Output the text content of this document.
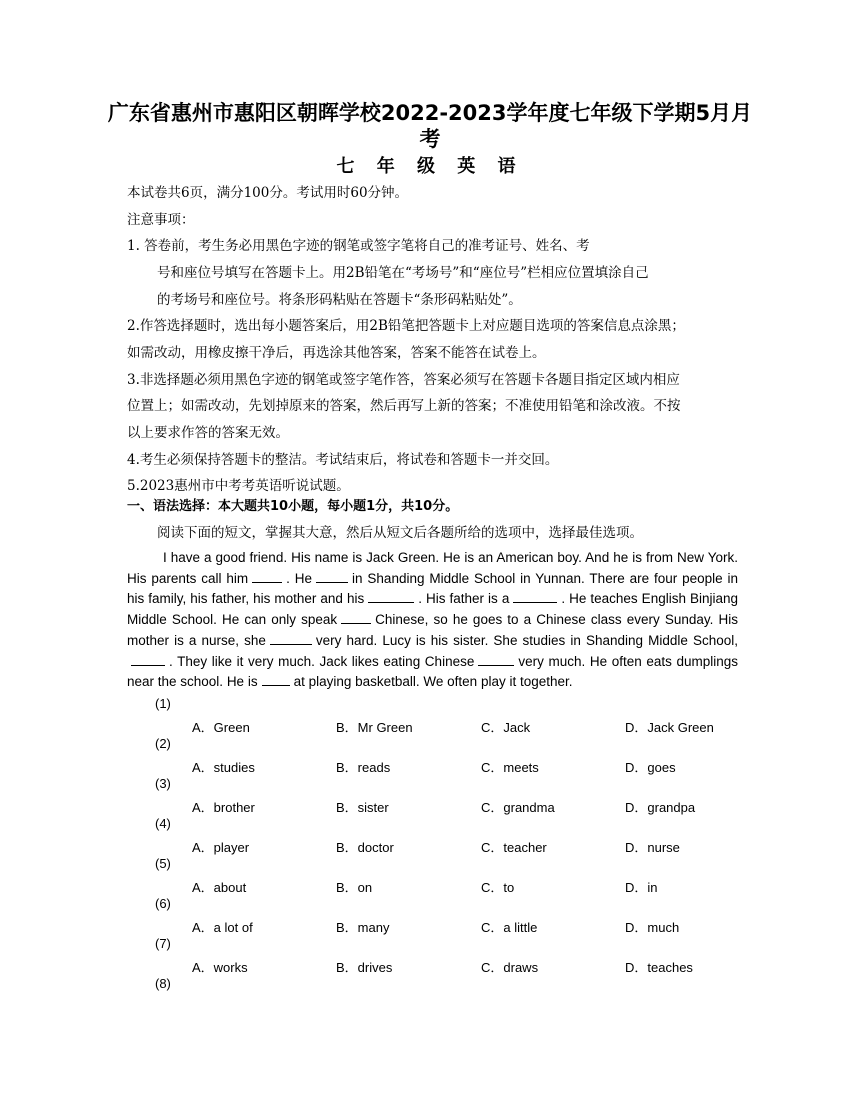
广东省惠州市惠阳区朝晖学校2022-2023学年度七年级下学期5月月
考
七 年 级 英 语
本试卷共6页，满分100分。考试用时60分钟。
注意事项：
1. 答卷前，考生务必用黑色字迹的钢笔或签字笔将自己的准考证号、姓名、考
号和座位号填写在答题卡上。用2B铅笔在“考场号”和“座位号”栏相应位置填涂自己
的考场号和座位号。将条形码粘贴在答题卡“条形码粘贴处”。
2.作答选择题时，选出每小题答案后，用2B铅笔把答题卡上对应题目选项的答案信息点涂黑；
如需改动，用橡皮擦干净后，再选涂其他答案，答案不能答在试卷上。
3.非选择题必须用黑色字迹的钢笔或签字笔作答，答案必须写在答题卡各题目指定区域内相应
位置上；如需改动，先划掉原来的答案，然后再写上新的答案；不准使用铅笔和涂改液。不按
以上要求作答的答案无效。
4.考生必须保持答题卡的整洁。考试结束后，将试卷和答题卡一并交回。
5.2023惠州市中考考英语听说试题。
一、语法选择：本大题共10小题，每小题1分，共10分。
阅读下面的短文，掌握其大意，然后从短文后各题所给的选项中，选择最佳选项。
I have a good friend. His name is Jack Green. He is an American boy. And he is from New York. His parents call him	. He	in Shanding Middle School in Yunnan. There are four people in his family, his father, his mother and his	. His father is a	. He teaches English Binjiang Middle School. He can only speak	Chinese, so he goes to a Chinese class every Sunday. His mother is a nurse, she	very hard. Lucy is his sister. She studies in Shanding Middle School,. They like it very much. Jack likes eating Chinese	very much. He often eats dumplings near the school. He is	at playing basketball. We often play it together.
(1)
A．Green	B．Mr Green	C．Jack	D．Jack Green
(2)
A．studies	B．reads	C．meets	D．goes
(3)
A．brother	B．sister	C．grandma	D．grandpa
(4)
A．player	B．doctor	C．teacher	D．nurse
(5)
A．about	B．on	C．to	D．in
(6)
A．a lot of	B．many	C．a little	D．much
(7)
A．works	B．drives	C．draws	D．teaches
(8)
